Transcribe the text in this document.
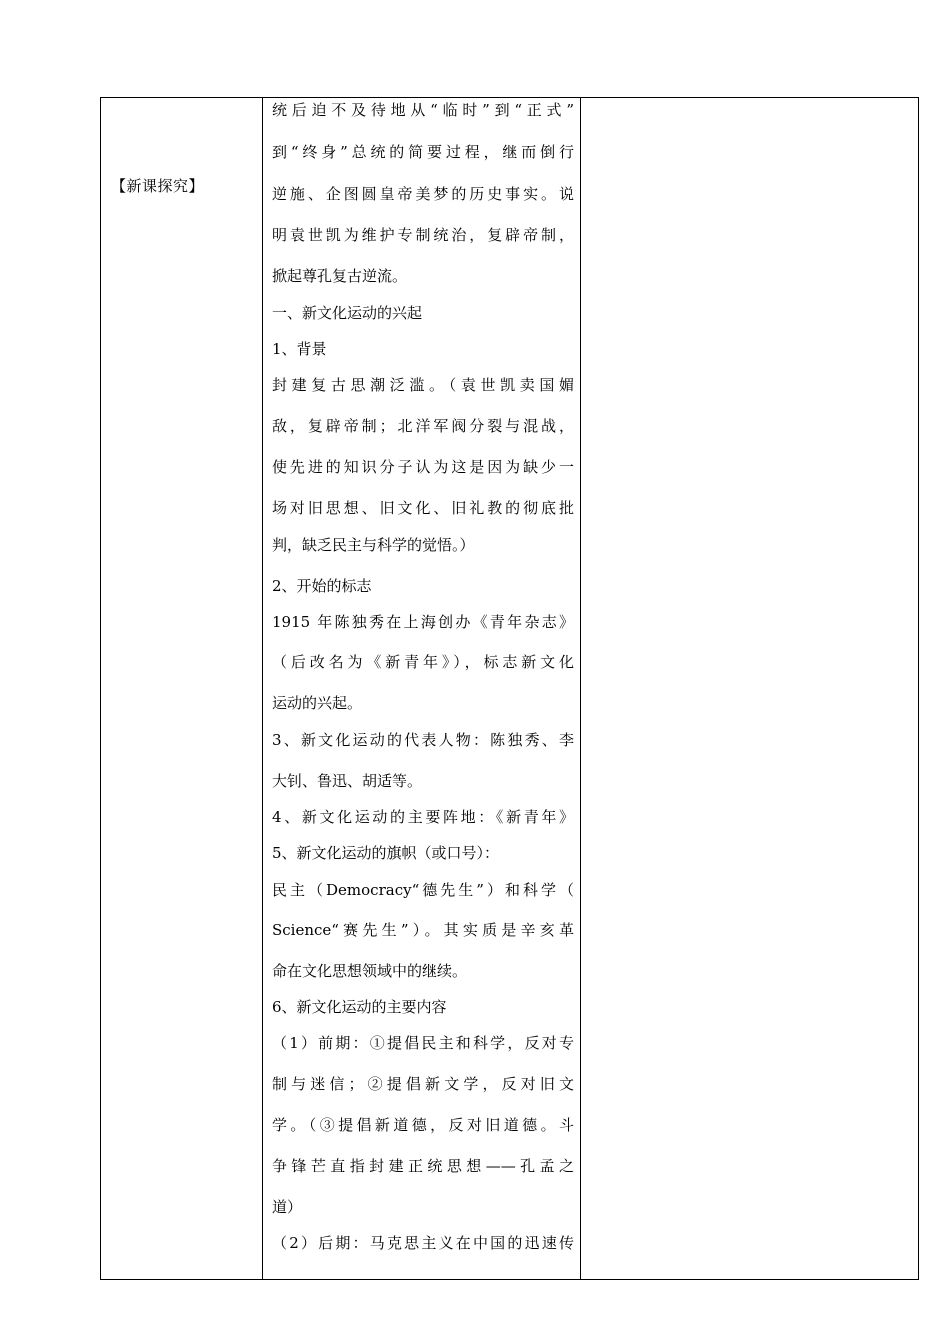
【新课探究】
统后迫不及待地从“临时”到“正式”
到“终身”总统的简要过程，继而倒行
逆施、企图圆皇帝美梦的历史事实。说
明袁世凯为维护专制统治，复辟帝制，
掀起尊孔复古逆流。
一、新文化运动的兴起
1、背景
封建复古思潮泛滥。（袁世凯卖国媚
敌，复辟帝制；北洋军阀分裂与混战，
使先进的知识分子认为这是因为缺少一
场对旧思想、旧文化、旧礼教的彻底批
判，缺乏民主与科学的觉悟。）
2、开始的标志
1915 年陈独秀在上海创办《青年杂志》
（后改名为《新青年》），标志新文化
运动的兴起。
3、新文化运动的代表人物：陈独秀、李
大钊、鲁迅、胡适等。
4、新文化运动的主要阵地：《新青年》
5、新文化运动的旗帜（或口号）：
民主（Democracy“德先生”）和科学（
Science“赛先生”）。其实质是辛亥革
命在文化思想领域中的继续。
6、新文化运动的主要内容
（1）前期：①提倡民主和科学，反对专
制与迷信；②提倡新文学，反对旧文
学。（③提倡新道德，反对旧道德。斗
争锋芒直指封建正统思想——孔孟之
道）
（2）后期：马克思主义在中国的迅速传
